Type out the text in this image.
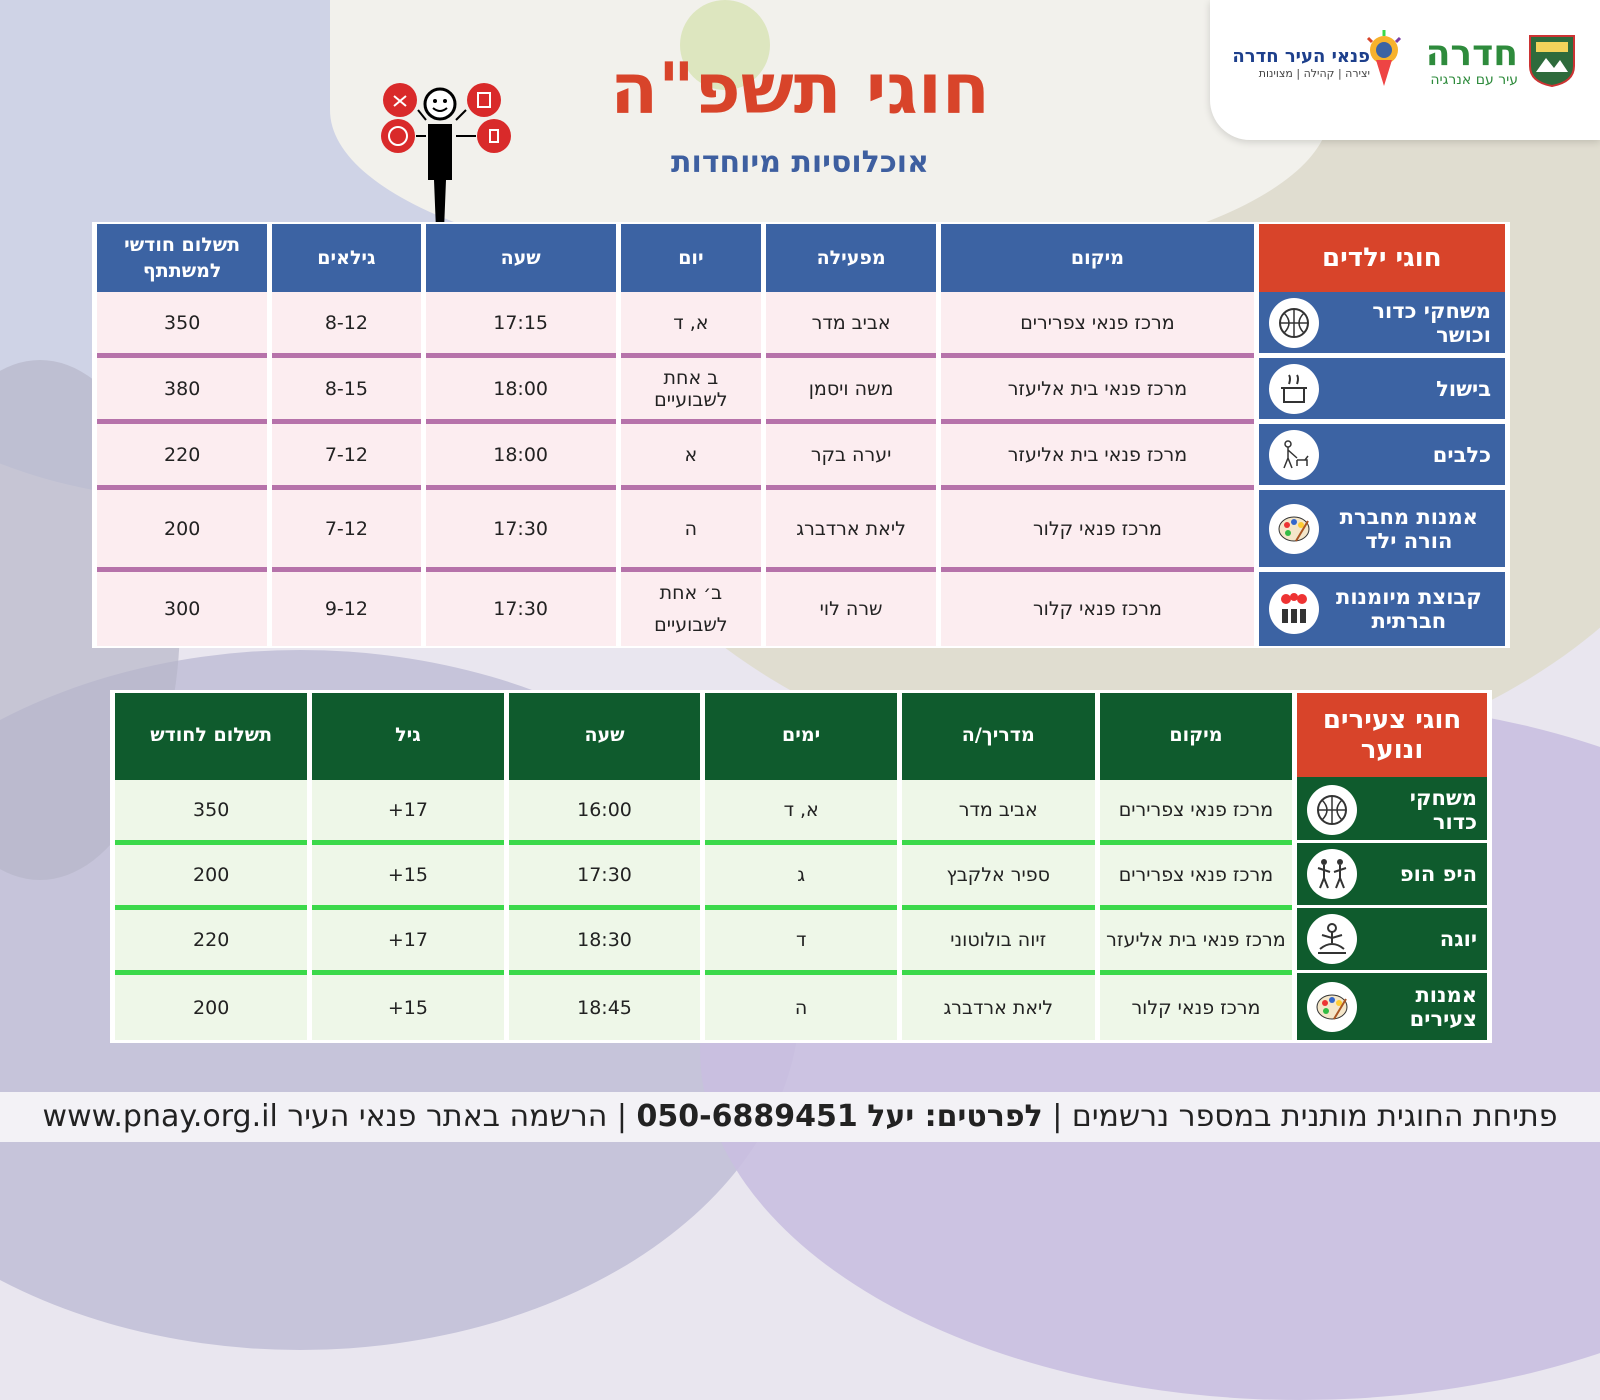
חדרה
עיר עם אנרגיה
פנאי העיר חדרה
יצירה | קהילה | מצוינות
חוגי תשפ"ה
אוכלוסיות מיוחדות
חוגי ילדים	מיקום	מפעילה	יום	שעה	גילאים	תשלום חודשי למשתתף

משחקי כדור וכושר	מרכז פנאי צפרירים	אביב מדר	א, ד	17:15	8-12	350

בישול	מרכז פנאי בית אליעזר	משה ויסמן	ב אחת לשבועיים	18:00	8-15	380

כלבים	מרכז פנאי בית אליעזר	יערה בקר	א	18:00	7-12	220

אמנות מחברת הורה ילד	מרכז פנאי קלור	ליאת ארדברג	ה	17:30	7-12	200

קבוצת מיומנות חברתית	מרכז פנאי קלור	שרה לוי	ב׳ אחת לשבועיים	17:30	9-12	300
חוגי צעירים ונוער	מיקום	מדריך/ה	ימים	שעה	גיל	תשלום לחודש

משחקי כדור	מרכז פנאי צפרירים	אביב מדר	א, ד	16:00	17+	350

היפ הופ	מרכז פנאי צפרירים	ספיר אלקבץ	ג	17:30	15+	200

יוגה	מרכז פנאי בית אליעזר	זיוה בולוטוני	ד	18:30	17+	220

אמנות צעירים	מרכז פנאי קלור	ליאת ארדברג	ה	18:45	15+	200
פתיחת החוגית מותנית במספר נרשמים | לפרטים: יעל 050-6889451 | הרשמה באתר פנאי העיר www.pnay.org.il
